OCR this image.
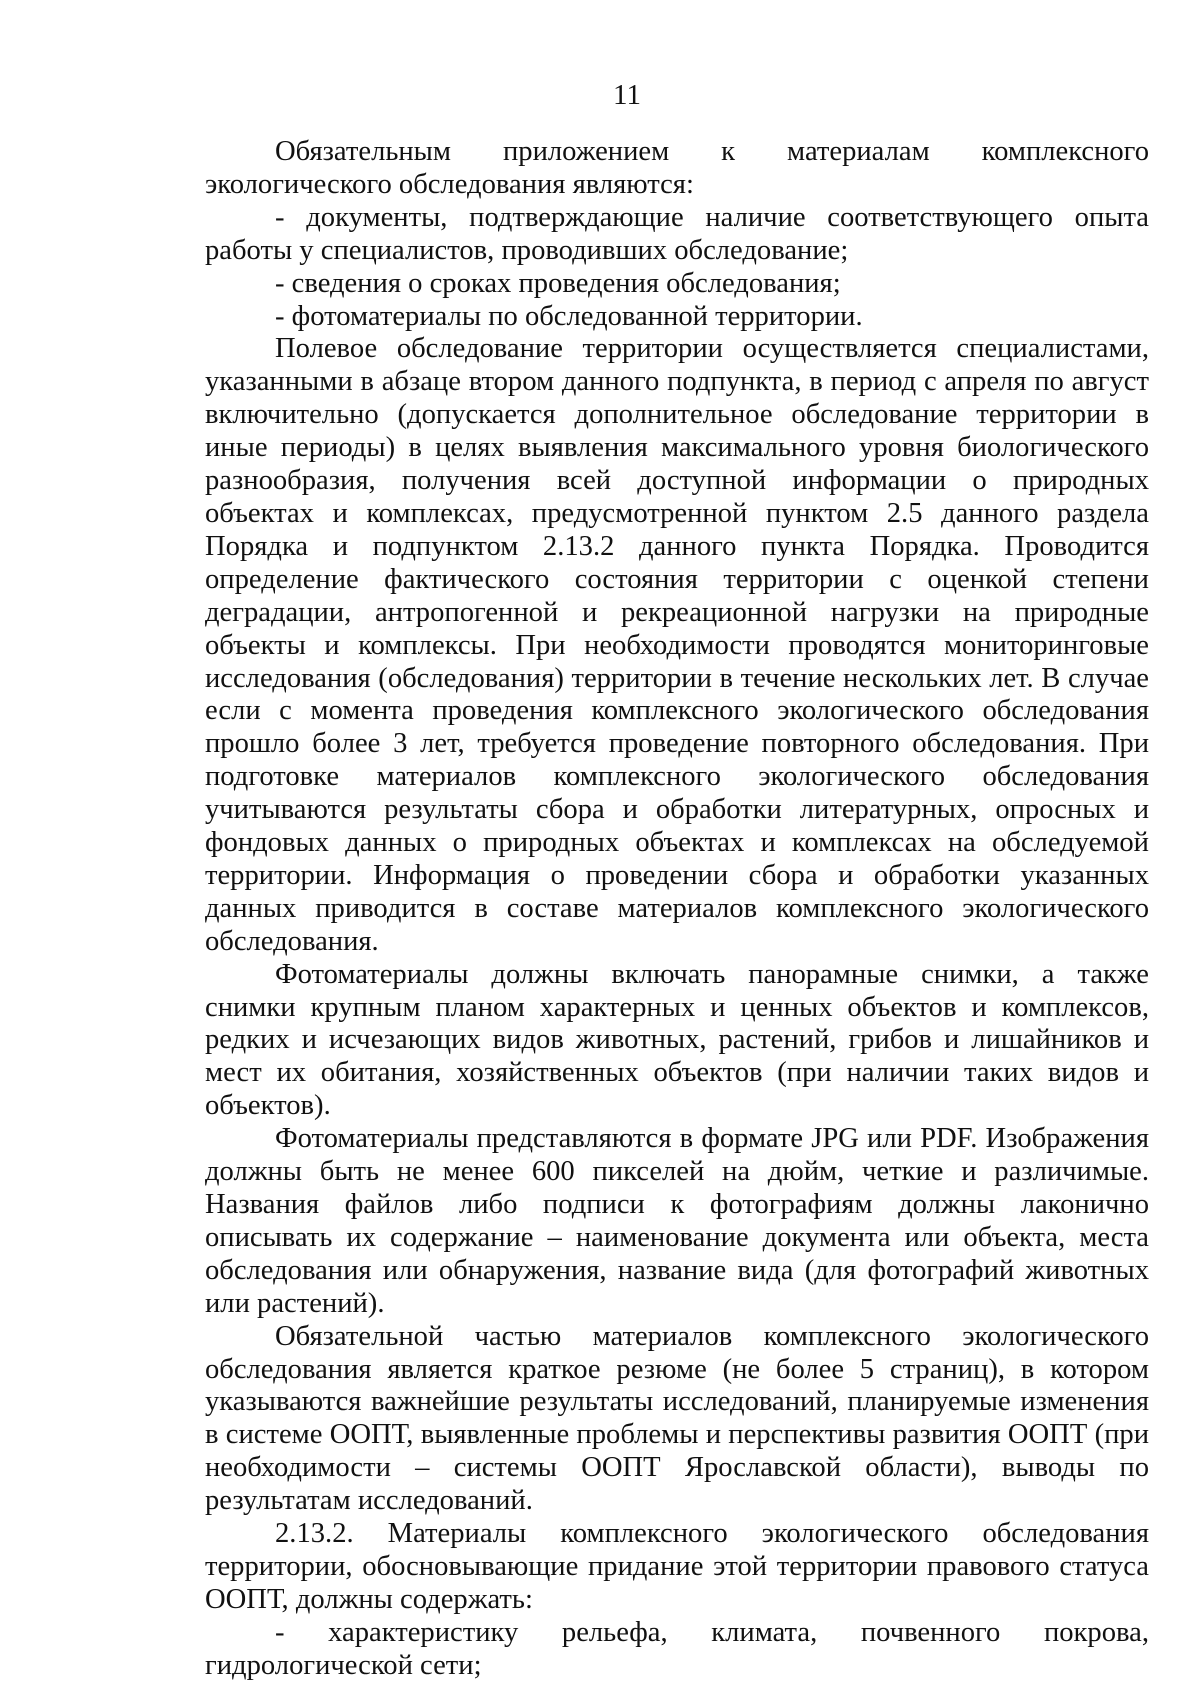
11

Обязательным приложением к материалам комплексного экологического обследования являются:

- документы, подтверждающие наличие соответствующего опыта работы у специалистов, проводивших обследование;

- сведения о сроках проведения обследования;

- фотоматериалы по обследованной территории.

Полевое обследование территории осуществляется специалистами, указанными в абзаце втором данного подпункта, в период с апреля по август включительно (допускается дополнительное обследование территории в иные периоды) в целях выявления максимального уровня биологического разнообразия, получения всей доступной информации о природных объектах и комплексах, предусмотренной пунктом 2.5 данного раздела Порядка и подпунктом 2.13.2 данного пункта Порядка. Проводится определение фактического состояния территории с оценкой степени деградации, антропогенной и рекреационной нагрузки на природные объекты и комплексы. При необходимости проводятся мониторинговые исследования (обследования) территории в течение нескольких лет. В случае если с момента проведения комплексного экологического обследования прошло более 3 лет, требуется проведение повторного обследования. При подготовке материалов комплексного экологического обследования учитываются результаты сбора и обработки литературных, опросных и фондовых данных о природных объектах и комплексах на обследуемой территории. Информация о проведении сбора и обработки указанных данных приводится в составе материалов комплексного экологического обследования.

Фотоматериалы должны включать панорамные снимки, а также снимки крупным планом характерных и ценных объектов и комплексов, редких и исчезающих видов животных, растений, грибов и лишайников и мест их обитания, хозяйственных объектов (при наличии таких видов и объектов).

Фотоматериалы представляются в формате JPG или PDF. Изображения должны быть не менее 600 пикселей на дюйм, четкие и различимые. Названия файлов либо подписи к фотографиям должны лаконично описывать их содержание – наименование документа или объекта, места обследования или обнаружения, название вида (для фотографий животных или растений).

Обязательной частью материалов комплексного экологического обследования является краткое резюме (не более 5 страниц), в котором указываются важнейшие результаты исследований, планируемые изменения в системе ООПТ, выявленные проблемы и перспективы развития ООПТ (при необходимости – системы ООПТ Ярославской области), выводы по результатам исследований.

2.13.2. Материалы комплексного экологического обследования территории, обосновывающие придание этой территории правового статуса ООПТ, должны содержать:

- характеристику рельефа, климата, почвенного покрова, гидрологической сети;
